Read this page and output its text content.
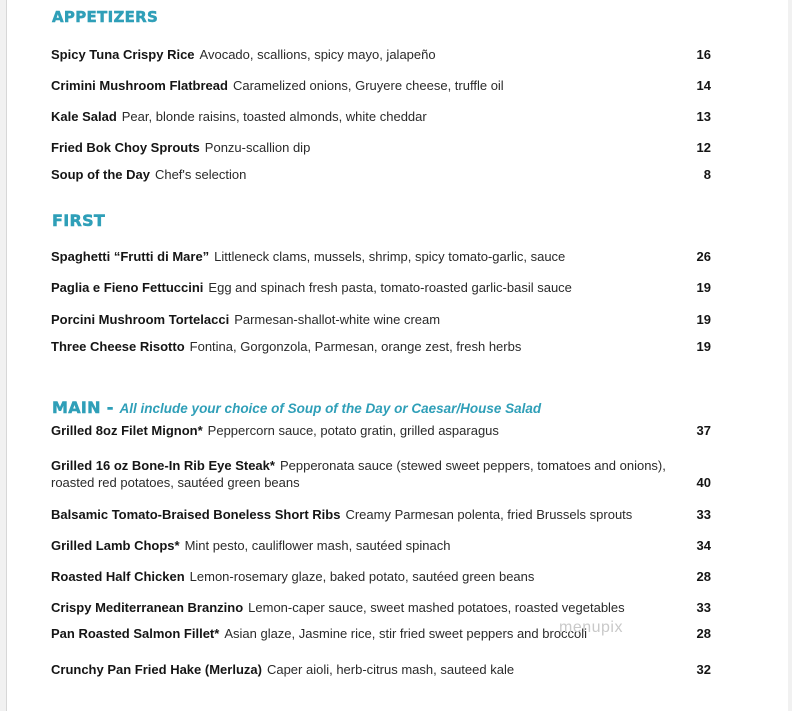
APPETIZERS
Spicy Tuna Crispy Rice Avocado, scallions, spicy mayo, jalapeño	16
Crimini Mushroom Flatbread Caramelized onions, Gruyere cheese, truffle oil	14
Kale Salad Pear, blonde raisins, toasted almonds, white cheddar	13
Fried Bok Choy Sprouts Ponzu-scallion dip	12
Soup of the Day Chef's selection	8
FIRST
Spaghetti “Frutti di Mare” Littleneck clams, mussels, shrimp, spicy tomato-garlic, sauce	26
Paglia e Fieno Fettuccini Egg and spinach fresh pasta, tomato-roasted garlic-basil sauce	19
Porcini Mushroom Tortelacci Parmesan-shallot-white wine cream	19
Three Cheese Risotto Fontina, Gorgonzola, Parmesan, orange zest, fresh herbs	19
MAIN - All include your choice of Soup of the Day or Caesar/House Salad
Grilled 8oz Filet Mignon* Peppercorn sauce, potato gratin, grilled asparagus	37
Grilled 16 oz Bone-In Rib Eye Steak* Pepperonata sauce (stewed sweet peppers, tomatoes and onions),
roasted red potatoes, sautéed green beans	40
Balsamic Tomato-Braised Boneless Short Ribs Creamy Parmesan polenta, fried Brussels sprouts	33
Grilled Lamb Chops* Mint pesto, cauliflower mash, sautéed spinach	34
Roasted Half Chicken Lemon-rosemary glaze, baked potato, sautéed green beans	28
Crispy Mediterranean Branzino Lemon-caper sauce, sweet mashed potatoes, roasted vegetables	33
Pan Roasted Salmon Fillet* Asian glaze, Jasmine rice, stir fried sweet peppers and broccoli	28
Crunchy Pan Fried Hake (Merluza) Caper aioli, herb-citrus mash, sauteed kale	32
menupix
